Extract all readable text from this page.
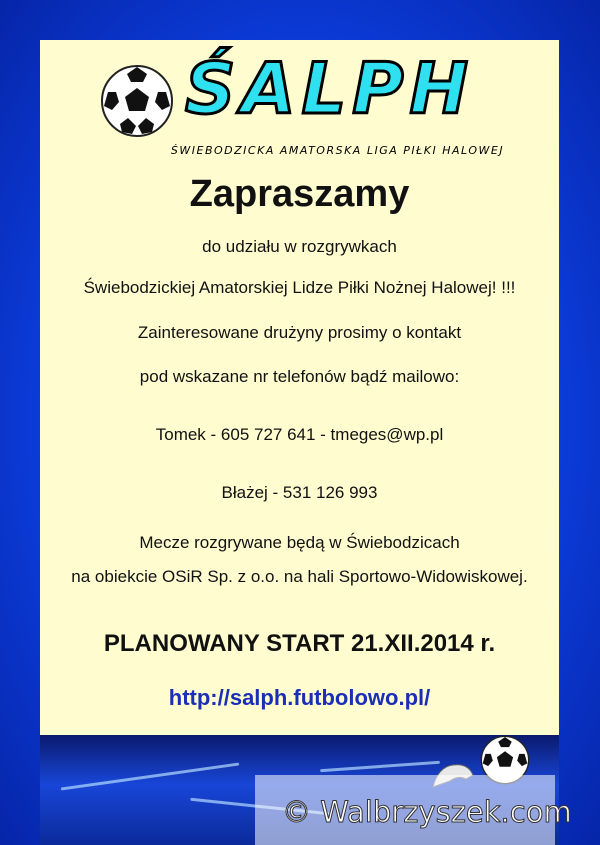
ŚALPH
ŚWIEBODZICKA AMATORSKA LIGA PIŁKI HALOWEJ
Zapraszamy
do udziału w rozgrywkach
Świebodzickiej Amatorskiej Lidze Piłki Nożnej Halowej! !!!
Zainteresowane drużyny prosimy o kontakt
pod wskazane nr telefonów bądź mailowo:
Tomek - 605 727 641 - tmeges@wp.pl
Błażej - 531 126 993
Mecze rozgrywane będą w Świebodzicach
na obiekcie OSiR Sp. z o.o. na hali Sportowo-Widowiskowej.
PLANOWANY START 21.XII.2014 r.
http://salph.futbolowo.pl/
© Walbrzyszek.com
